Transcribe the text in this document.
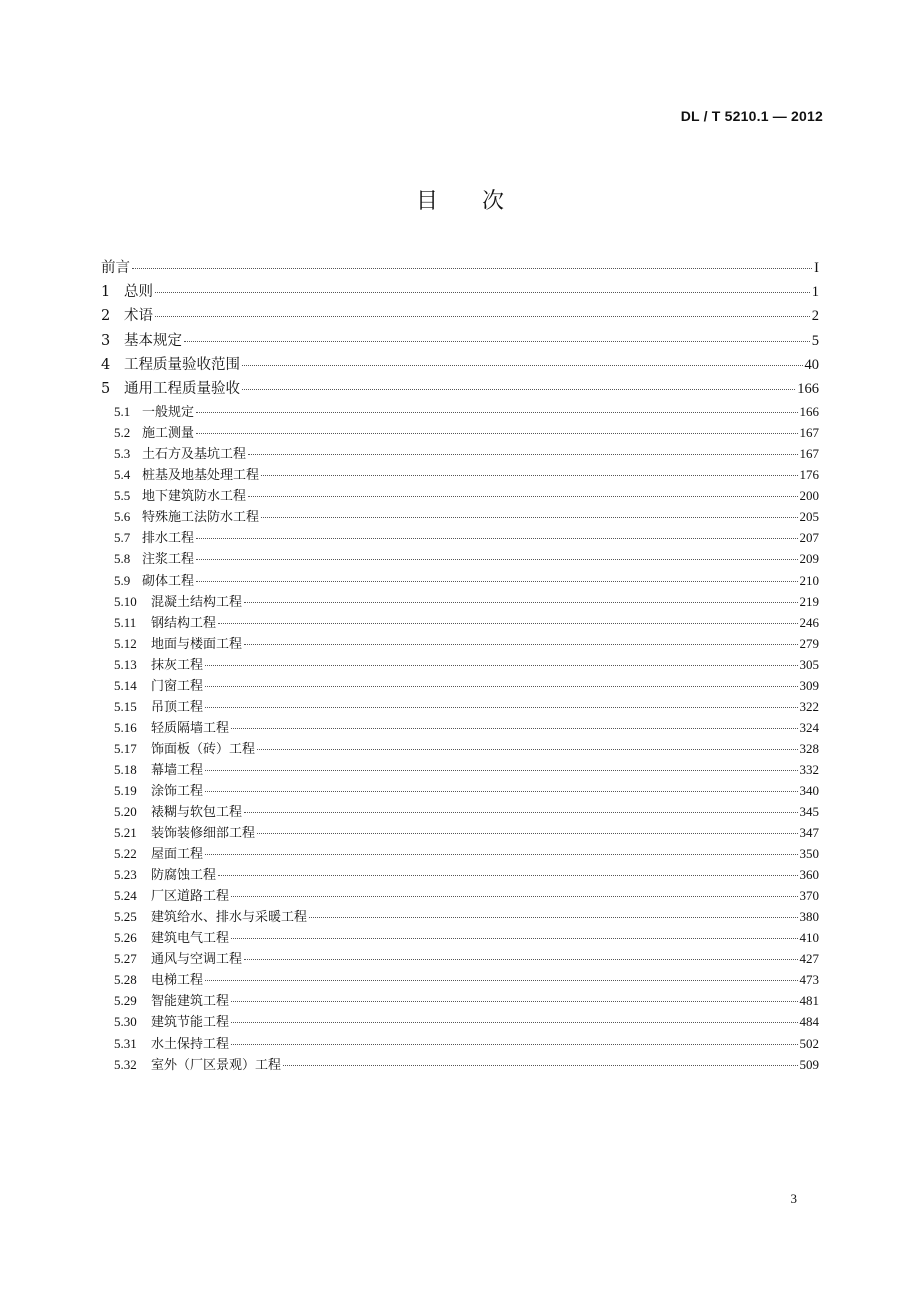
DL / T 5210.1 — 2012
目次
前言	I
1 总则	1
2 术语	2
3 基本规定	5
4 工程质量验收范围	40
5 通用工程质量验收	166
5.1 一般规定	166
5.2 施工测量	167
5.3 土石方及基坑工程	167
5.4 桩基及地基处理工程	176
5.5 地下建筑防水工程	200
5.6 特殊施工法防水工程	205
5.7 排水工程	207
5.8 注浆工程	209
5.9 砌体工程	210
5.10	混凝土结构工程	219
5.11	钢结构工程	246
5.12	地面与楼面工程	279
5.13	抹灰工程	305
5.14	门窗工程	309
5.15	吊顶工程	322
5.16	轻质隔墙工程	324
5.17	饰面板（砖）工程	328
5.18	幕墙工程	332
5.19	涂饰工程	340
5.20	裱糊与软包工程	345
5.21	装饰装修细部工程	347
5.22	屋面工程	350
5.23	防腐蚀工程	360
5.24	厂区道路工程	370
5.25	建筑给水、排水与采暖工程	380
5.26	建筑电气工程	410
5.27	通风与空调工程	427
5.28	电梯工程	473
5.29	智能建筑工程	481
5.30	建筑节能工程	484
5.31	水土保持工程	502
5.32	室外（厂区景观）工程	509
3
